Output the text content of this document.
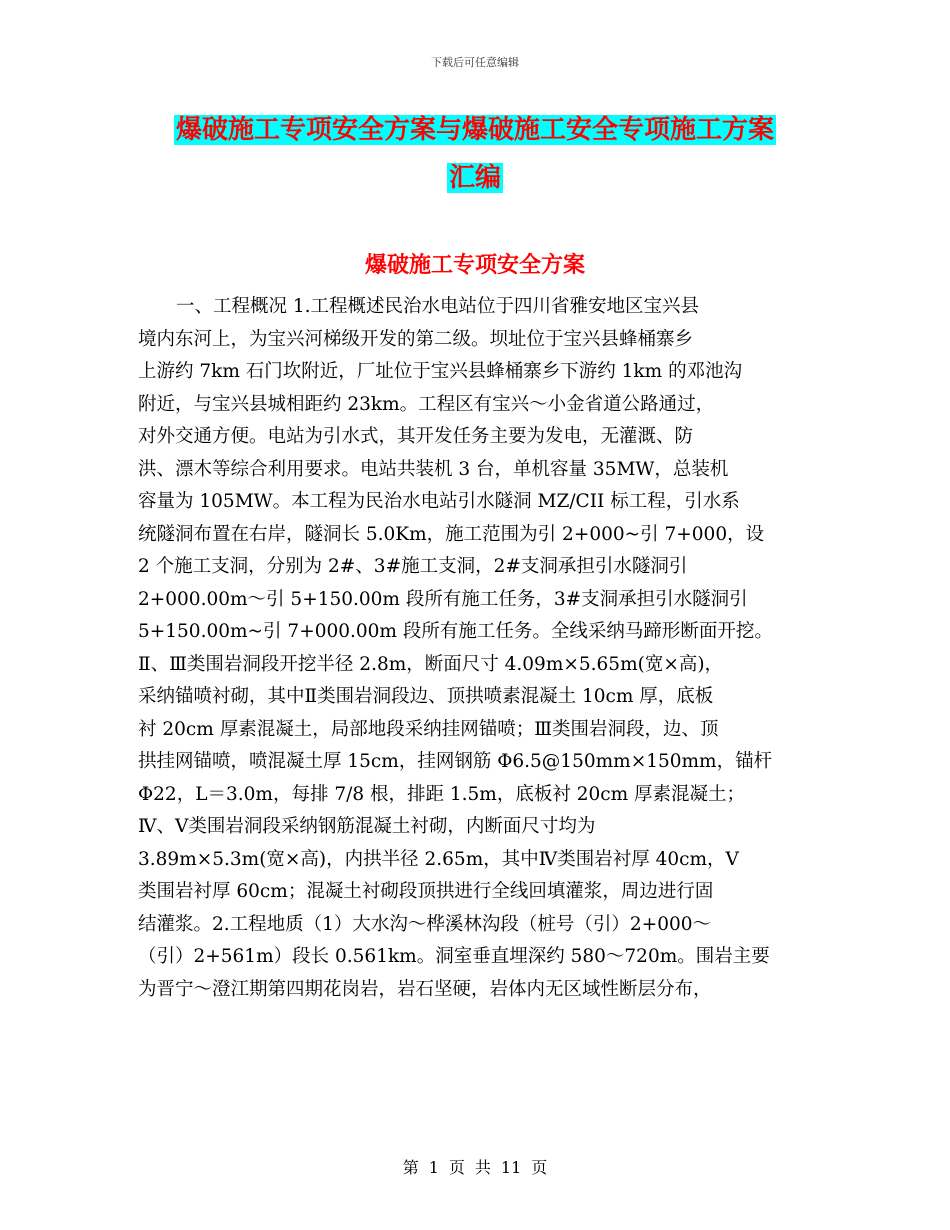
下载后可任意编辑
爆破施工专项安全方案与爆破施工安全专项施工方案
汇编
爆破施工专项安全方案
一、工程概况 1.工程概述民治水电站位于四川省雅安地区宝兴县
境内东河上，为宝兴河梯级开发的第二级。坝址位于宝兴县蜂桶寨乡
上游约 7km 石门坎附近，厂址位于宝兴县蜂桶寨乡下游约 1km 的邓池沟
附近，与宝兴县城相距约 23km。工程区有宝兴～小金省道公路通过，
对外交通方便。电站为引水式，其开发任务主要为发电，无灌溉、防
洪、漂木等综合利用要求。电站共装机 3 台，单机容量 35MW，总装机
容量为 105MW。本工程为民治水电站引水隧洞 MZ/CII 标工程，引水系
统隧洞布置在右岸，隧洞长 5.0Km，施工范围为引 2+000~引 7+000，设
2 个施工支洞，分别为 2#、3#施工支洞，2#支洞承担引水隧洞引
2+000.00m～引 5+150.00m 段所有施工任务，3#支洞承担引水隧洞引
5+150.00m~引 7+000.00m 段所有施工任务。全线采纳马蹄形断面开挖。
Ⅱ、Ⅲ类围岩洞段开挖半径 2.8m，断面尺寸 4.09m×5.65m(宽×高)，
采纳锚喷衬砌，其中Ⅱ类围岩洞段边、顶拱喷素混凝土 10cm 厚，底板
衬 20cm 厚素混凝土，局部地段采纳挂网锚喷；Ⅲ类围岩洞段，边、顶
拱挂网锚喷，喷混凝土厚 15cm，挂网钢筋 Φ6.5@150mm×150mm，锚杆
Φ22，L＝3.0m，每排 7/8 根，排距 1.5m，底板衬 20cm 厚素混凝土；
Ⅳ、Ⅴ类围岩洞段采纳钢筋混凝土衬砌，内断面尺寸均为
3.89m×5.3m(宽×高)，内拱半径 2.65m，其中Ⅳ类围岩衬厚 40cm，Ⅴ
类围岩衬厚 60cm；混凝土衬砌段顶拱进行全线回填灌浆，周边进行固
结灌浆。2.工程地质（1）大水沟～桦溪林沟段（桩号（引）2+000～
（引）2+561m）段长 0.561km。洞室垂直埋深约 580～720m。围岩主要
为晋宁～澄江期第四期花岗岩，岩石坚硬，岩体内无区域性断层分布，
第 1 页 共 11 页
